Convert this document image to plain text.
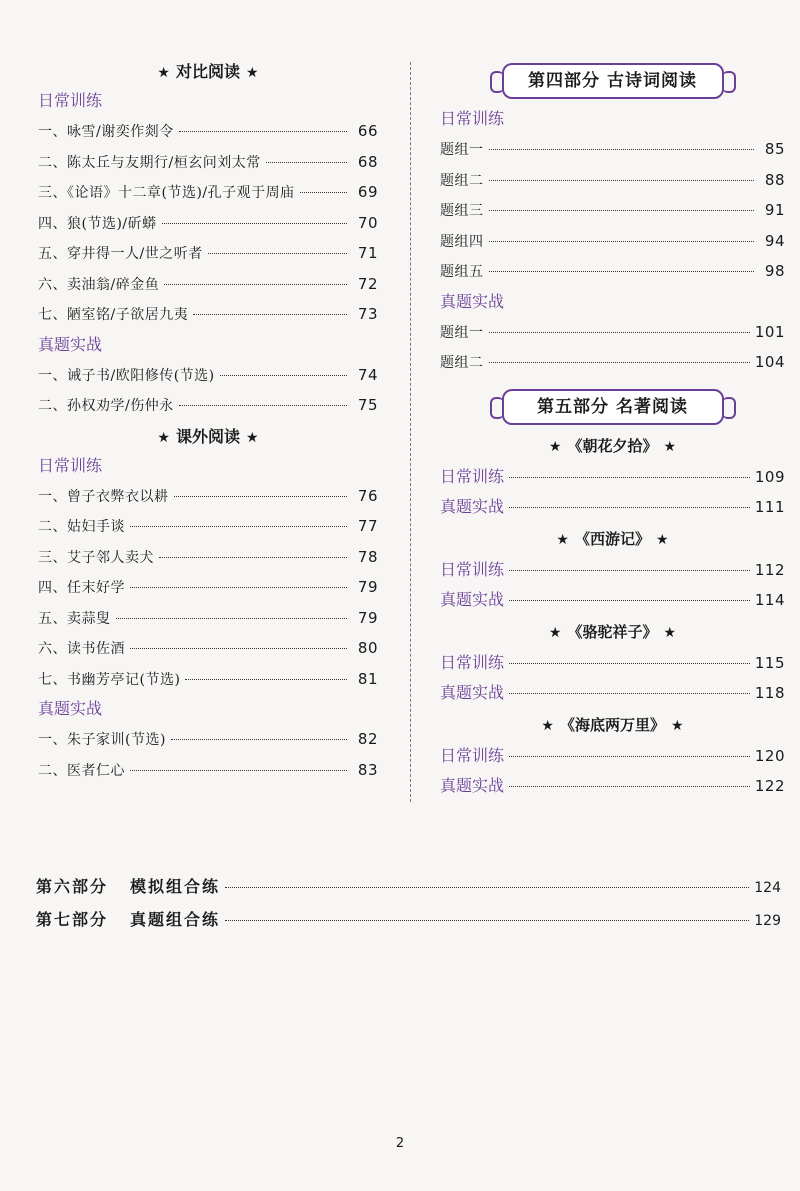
★ 对比阅读 ★
日常训练
一、咏雪/谢奕作剡令	66
二、陈太丘与友期行/桓玄问刘太常	68
三、《论语》十二章(节选)/孔子观于周庙	69
四、狼(节选)/斫蟒	70
五、穿井得一人/世之听者	71
六、卖油翁/碎金鱼	72
七、陋室铭/子欲居九夷	73
真题实战
一、诫子书/欧阳修传(节选)	74
二、孙权劝学/伤仲永	75
★ 课外阅读 ★
日常训练
一、曾子衣弊衣以耕	76
二、姑妇手谈	77
三、艾子邻人卖犬	78
四、任末好学	79
五、卖蒜叟	79
六、读书佐酒	80
七、书幽芳亭记(节选)	81
真题实战
一、朱子家训(节选)	82
二、医者仁心	83
第四部分 古诗词阅读
日常训练
题组一	85
题组二	88
题组三	91
题组四	94
题组五	98
真题实战
题组一	101
题组二	104
第五部分 名著阅读
★ 《朝花夕拾》 ★
日常训练	109
真题实战	111
★ 《西游记》 ★
日常训练	112
真题实战	114
★ 《骆驼祥子》 ★
日常训练	115
真题实战	118
★ 《海底两万里》 ★
日常训练	120
真题实战	122
第六部分 模拟组合练	124
第七部分 真题组合练	129
2
